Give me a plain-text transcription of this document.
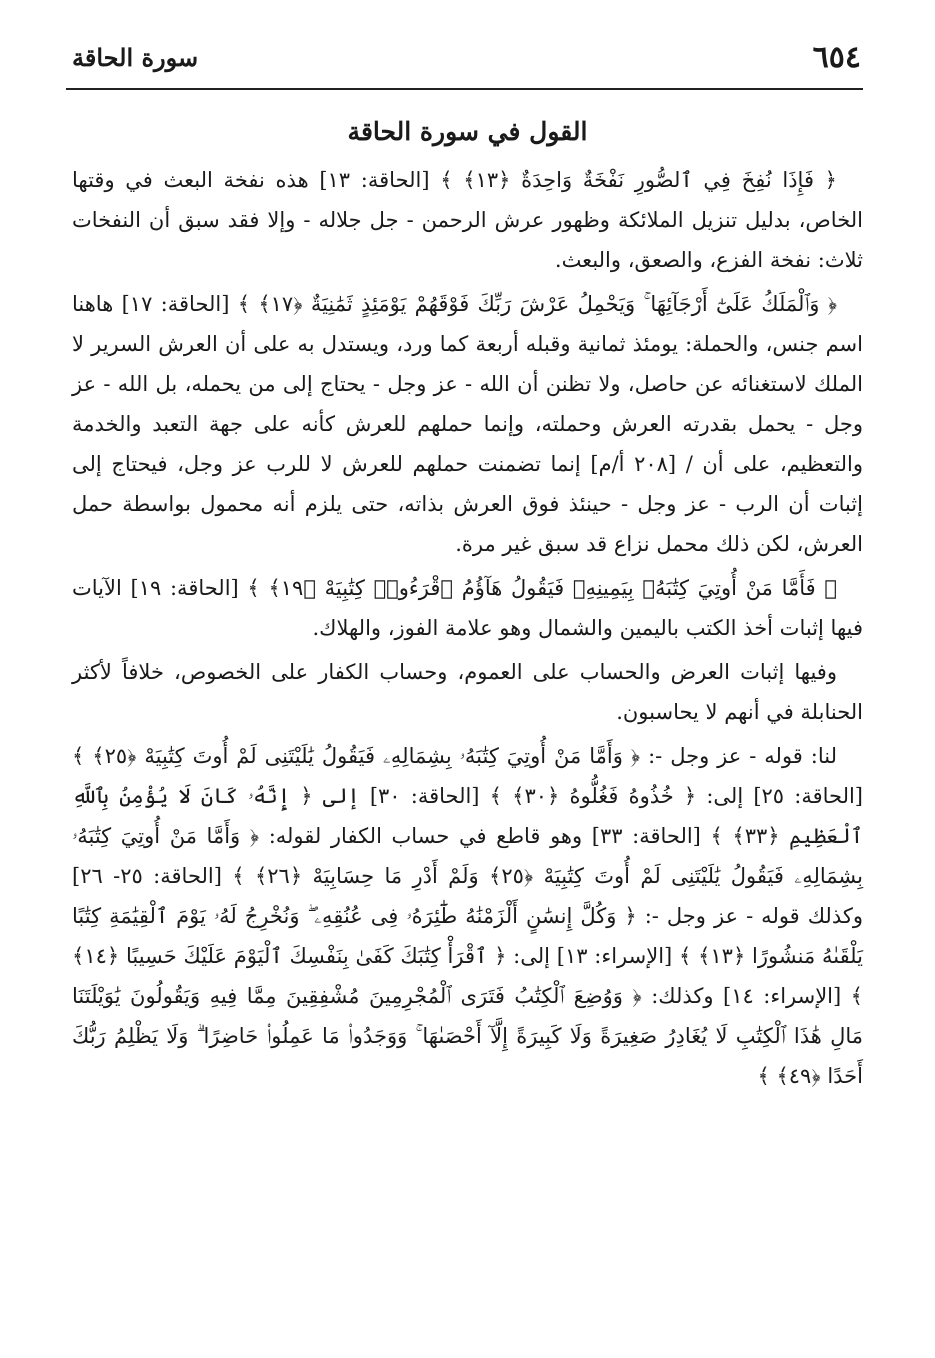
٦٥٤
سورة الحاقة
القول في سورة الحاقة

﴿ فَإِذَا نُفِخَ فِي ٱلصُّورِ نَفْخَةٌ وَاحِدَةٌ ﴿١٣﴾ ﴾ [الحاقة: ١٣] هذه نفخة البعث في وقتها الخاص، بدليل تنزيل الملائكة وظهور عرش الرحمن - جل جلاله - وإلا فقد سبق أن النفخات ثلاث: نفخة الفزع، والصعق، والبعث.

﴿ وَٱلْمَلَكُ عَلَىٰٓ أَرْجَآئِهَا ۚ وَيَحْمِلُ عَرْشَ رَبِّكَ فَوْقَهُمْ يَوْمَئِذٍ ثَمَٰنِيَةٌ ﴿١٧﴾ ﴾ [الحاقة: ١٧] هاهنا اسم جنس، والحملة: يومئذ ثمانية وقبله أربعة كما ورد، ويستدل به على أن العرش السرير لا الملك لاستغنائه عن حاصل، ولا تظنن أن الله - عز وجل - يحتاج إلى من يحمله، بل الله - عز وجل - يحمل بقدرته العرش وحملته، وإنما حملهم للعرش كأنه على جهة التعبد والخدمة والتعظيم، على أن / [٢٠٨ أ/م] إنما تضمنت حملهم للعرش لا للرب عز وجل، فيحتاج إلى إثبات أن الرب - عز وجل - حينئذ فوق العرش بذاته، حتى يلزم أنه محمول بواسطة حمل العرش، لكن ذلك محمل نزاع قد سبق غير مرة.

﴿ فَأَمَّا مَنْ أُوتِيَ كِتَٰبَهُۥ بِيَمِينِهِۦ فَيَقُولُ هَآؤُمُ ٱقْرَءُوا۟ كِتَٰبِيَهْ ﴿١٩﴾ ﴾ [الحاقة: ١٩] الآيات فيها إثبات أخذ الكتب باليمين والشمال وهو علامة الفوز، والهلاك.

وفيها إثبات العرض والحساب على العموم، وحساب الكفار على الخصوص، خلافاً لأكثر الحنابلة في أنهم لا يحاسبون.

لنا: قوله - عز وجل -: ﴿ وَأَمَّا مَنْ أُوتِيَ كِتَٰبَهُۥ بِشِمَالِهِۦ فَيَقُولُ يَٰلَيْتَنِى لَمْ أُوتَ كِتَٰبِيَهْ ﴿٢٥﴾ ﴾ [الحاقة: ٢٥] إلى: ﴿ خُذُوهُ فَغُلُّوهُ ﴿٣٠﴾ ﴾ [الحاقة: ٣٠] إلى ﴿ إِنَّهُۥ كَانَ لَا يُؤْمِنُ بِٱللَّهِ ٱلْعَظِيمِ ﴿٣٣﴾ ﴾ [الحاقة: ٣٣] وهو قاطع في حساب الكفار لقوله: ﴿ وَأَمَّا مَنْ أُوتِيَ كِتَٰبَهُۥ بِشِمَالِهِۦ فَيَقُولُ يَٰلَيْتَنِى لَمْ أُوتَ كِتَٰبِيَهْ ﴿٢٥﴾ وَلَمْ أَدْرِ مَا حِسَابِيَهْ ﴿٢٦﴾ ﴾ [الحاقة: ٢٥- ٢٦] وكذلك قوله - عز وجل -: ﴿ وَكُلَّ إِنسَٰنٍ أَلْزَمْنَٰهُ طَٰٓئِرَهُۥ فِى عُنُقِهِۦ ۖ وَنُخْرِجُ لَهُۥ يَوْمَ ٱلْقِيَٰمَةِ كِتَٰبًا يَلْقَىٰهُ مَنشُورًا ﴿١٣﴾ ﴾ [الإسراء: ١٣] إلى: ﴿ ٱقْرَأْ كِتَٰبَكَ كَفَىٰ بِنَفْسِكَ ٱلْيَوْمَ عَلَيْكَ حَسِيبًا ﴿١٤﴾ ﴾ [الإسراء: ١٤] وكذلك: ﴿ وَوُضِعَ ٱلْكِتَٰبُ فَتَرَى ٱلْمُجْرِمِينَ مُشْفِقِينَ مِمَّا فِيهِ وَيَقُولُونَ يَٰوَيْلَتَنَا مَالِ هَٰذَا ٱلْكِتَٰبِ لَا يُغَادِرُ صَغِيرَةً وَلَا كَبِيرَةً إِلَّآ أَحْصَىٰهَا ۚ وَوَجَدُوا۟ مَا عَمِلُوا۟ حَاضِرًا ۗ وَلَا يَظْلِمُ رَبُّكَ أَحَدًا ﴿٤٩﴾ ﴾
